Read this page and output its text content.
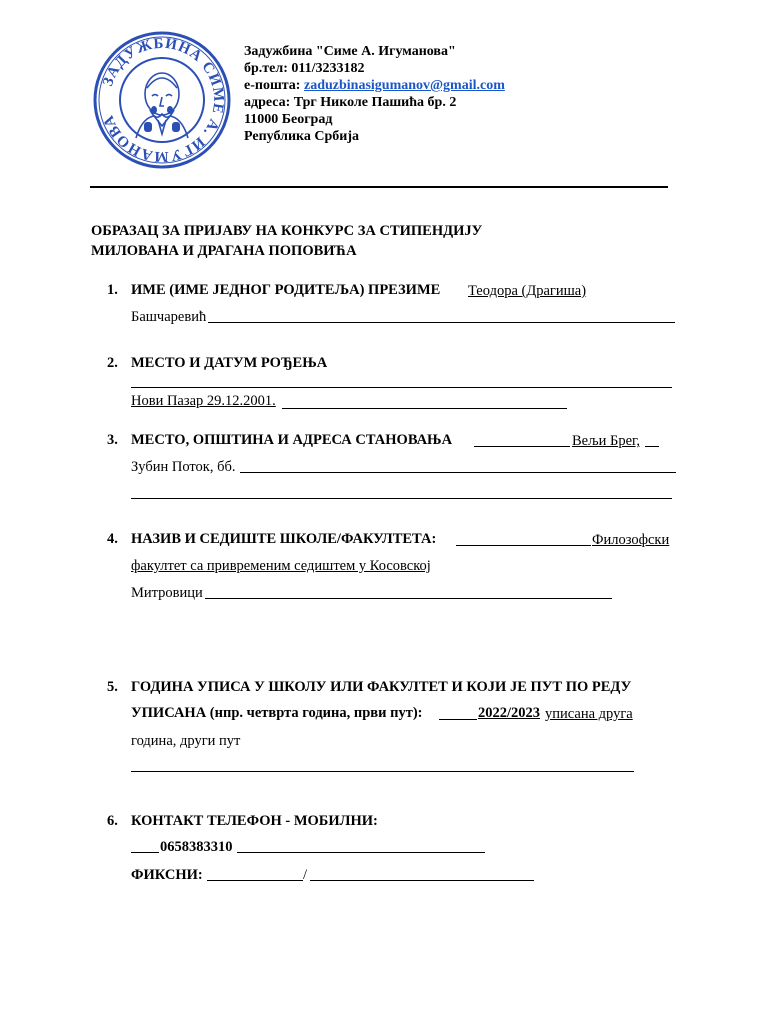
ЗАДУЖБИНА СИМЕ А. ИГУМАНОВА
Задужбина "Симе А. Игуманова"
бр.тел: 011/3233182
e-пошта: zaduzbinasigumanov@gmail.com
адреса: Трг Николе Пашића бр. 2
11000 Београд
Република Србија
ОБРАЗАЦ ЗА ПРИЈАВУ НА КОНКУРС ЗА СТИПЕНДИЈУ
МИЛОВАНА И ДРАГАНА ПОПОВИЋА
1. ИМЕ (ИМЕ ЈЕДНОГ РОДИТЕЉА) ПРЕЗИМЕ Теодора (Драгиша)
Башчаревић
2. МЕСТО И ДАТУМ РОЂЕЊА
Нови Пазар 29.12.2001.
3. МЕСТО, ОПШТИНА И АДРЕСА СТАНОВАЊА	Вељи Брег,
Зубин Поток, бб.
4. НАЗИВ И СЕДИШТЕ ШКОЛЕ/ФАКУЛТЕТА:	Филозофски
факултет са привременим седиштем у Косовској
Митровици
5. ГОДИНА УПИСА У ШКОЛУ ИЛИ ФАКУЛТЕТ И КОЈИ ЈЕ ПУТ ПО РЕДУ
УПИСАНА (нпр. четврта година, први пут):	2022/2023 уписана друга
година, други пут
6. КОНТАКТ ТЕЛЕФОН - МОБИЛНИ:
0658383310
ФИКСНИ:	/
